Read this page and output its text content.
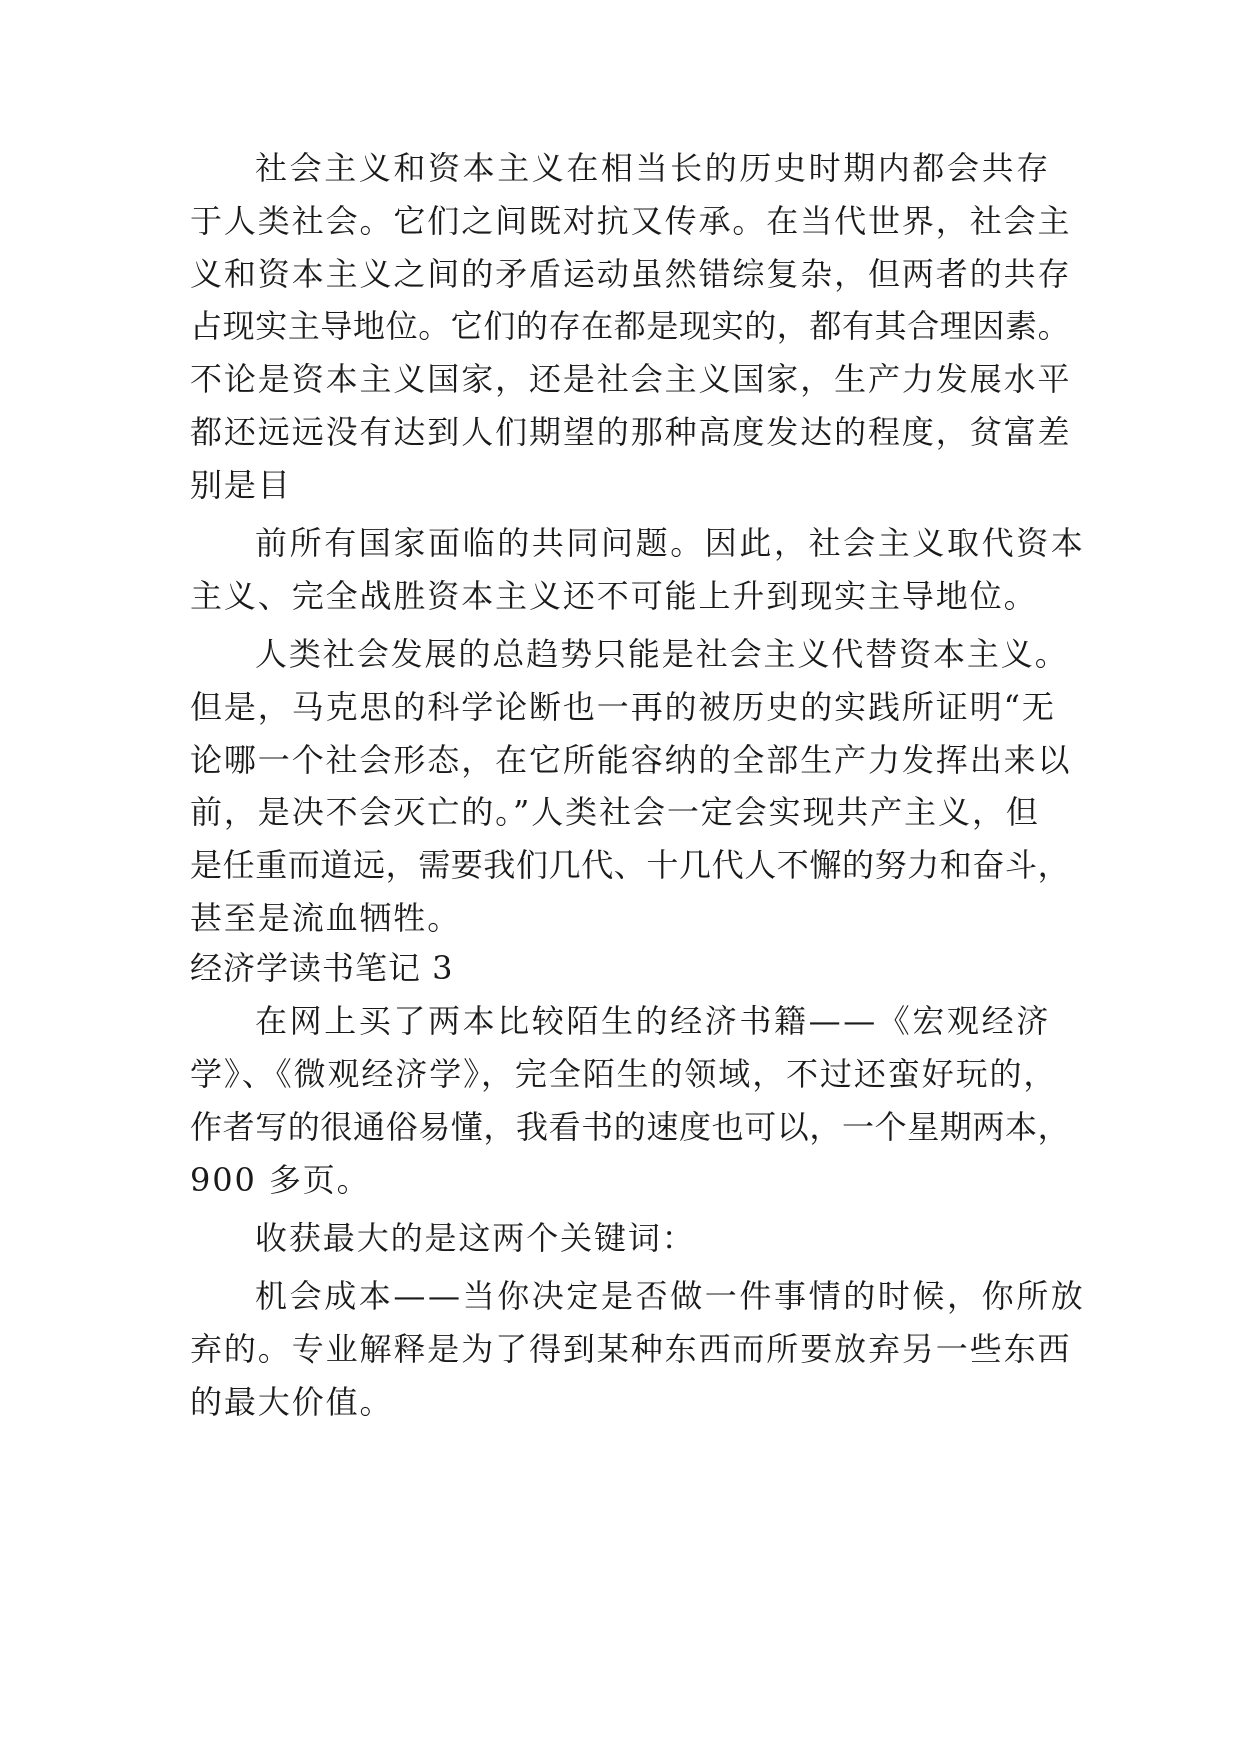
社会主义和资本主义在相当长的历史时期内都会共存
于人类社会。它们之间既对抗又传承。在当代世界，社会主
义和资本主义之间的矛盾运动虽然错综复杂，但两者的共存
占现实主导地位。它们的存在都是现实的，都有其合理因素。
不论是资本主义国家，还是社会主义国家，生产力发展水平
都还远远没有达到人们期望的那种高度发达的程度，贫富差
别是目
前所有国家面临的共同问题。因此，社会主义取代资本
主义、完全战胜资本主义还不可能上升到现实主导地位。
人类社会发展的总趋势只能是社会主义代替资本主义。
但是，马克思的科学论断也一再的被历史的实践所证明“无
论哪一个社会形态，在它所能容纳的全部生产力发挥出来以
前，是决不会灭亡的。”人类社会一定会实现共产主义，但
是任重而道远，需要我们几代、十几代人不懈的努力和奋斗，
甚至是流血牺牲。
经济学读书笔记 3
在网上买了两本比较陌生的经济书籍——《宏观经济
学》、《微观经济学》，完全陌生的领域，不过还蛮好玩的，
作者写的很通俗易懂，我看书的速度也可以，一个星期两本，
900 多页。
收获最大的是这两个关键词：
机会成本——当你决定是否做一件事情的时候，你所放
弃的。专业解释是为了得到某种东西而所要放弃另一些东西
的最大价值。
